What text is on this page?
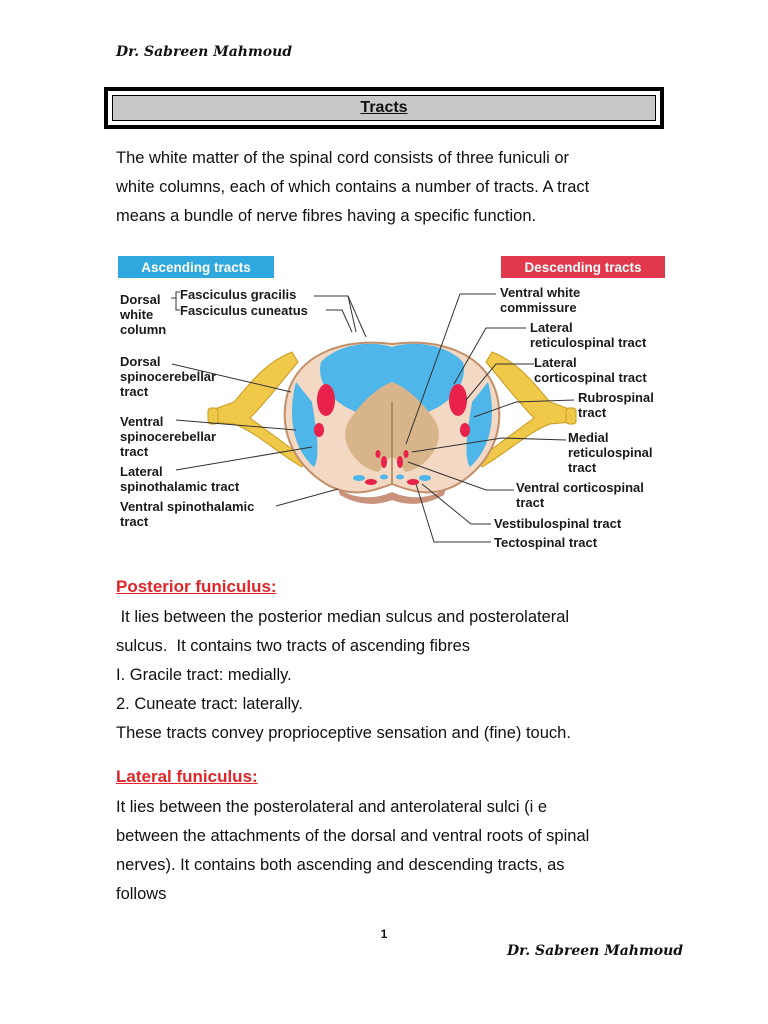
Dr. Sabreen Mahmoud
Tracts
The white matter of the spinal cord consists of three funiculi or
white columns, each of which contains a number of tracts. A tract
means a bundle of nerve fibres having a specific function.
Ascending tracts	Descending tracts
Dorsal white column
Fasciculus gracilis
Fasciculus cuneatus
Dorsal spinocerebellar tract
Ventral spinocerebellar tract
Lateral spinothalamic tract
Ventral spinothalamic tract
Ventral white commissure
Lateral reticulospinal tract
Lateral corticospinal tract
Rubrospinal tract
Medial reticulospinal tract
Ventral corticospinal tract
Vestibulospinal tract
Tectospinal tract
Posterior funiculus:
It lies between the posterior median sulcus and posterolateral
sulcus.  It contains two tracts of ascending fibres
I. Gracile tract: medially.
2. Cuneate tract: laterally.
These tracts convey proprioceptive sensation and (fine) touch.
Lateral funiculus:
It lies between the posterolateral and anterolateral sulci (i e
between the attachments of the dorsal and ventral roots of spinal
nerves). It contains both ascending and descending tracts, as
follows
1
Dr. Sabreen Mahmoud
